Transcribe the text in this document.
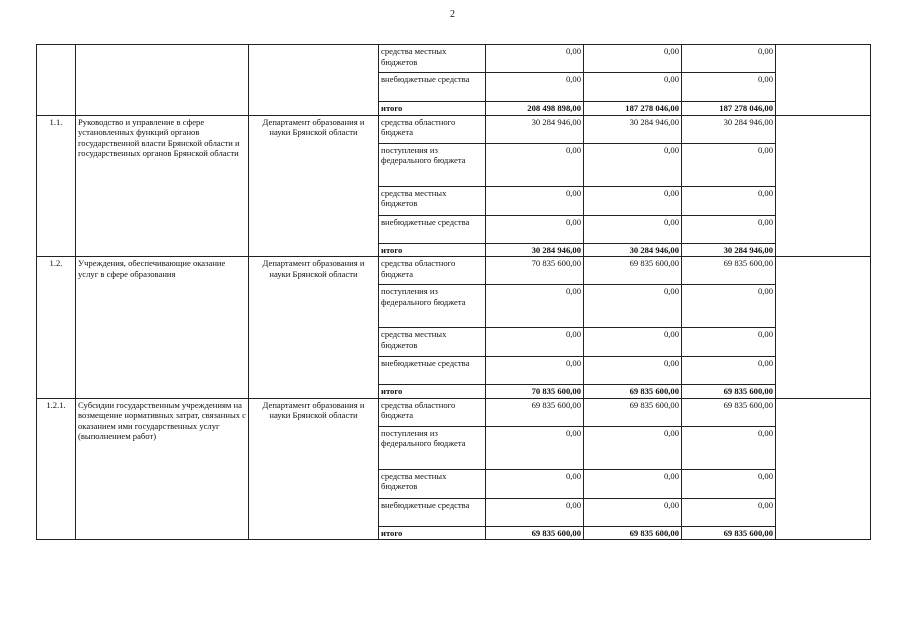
2
			средства местных бюджетов	0,00	0,00	0,00	
			внебюджетные средства	0,00	0,00	0,00	
			итого	208 498 898,00	187 278 046,00	187 278 046,00	
1.1.	Руководство и управление в сфере установленных функций органов государственной власти Брянской области и государственных органов Брянской области	Департамент образования и науки Брянской области	средства областного бюджета	30 284 946,00	30 284 946,00	30 284 946,00	
			поступления из федерального бюджета	0,00	0,00	0,00	
			средства местных бюджетов	0,00	0,00	0,00	
			внебюджетные средства	0,00	0,00	0,00	
			итого	30 284 946,00	30 284 946,00	30 284 946,00	
1.2.	Учреждения, обеспечивающие оказание услуг в сфере образования	Департамент образования и науки Брянской области	средства областного бюджета	70 835 600,00	69 835 600,00	69 835 600,00	
			поступления из федерального бюджета	0,00	0,00	0,00	
			средства местных бюджетов	0,00	0,00	0,00	
			внебюджетные средства	0,00	0,00	0,00	
			итого	70 835 600,00	69 835 600,00	69 835 600,00	
1.2.1.	Субсидии государственным учреждениям на возмещение нормативных затрат, связанных с оказанием ими государственных услуг (выполнением работ)	Департамент образования и науки Брянской области	средства областного бюджета	69 835 600,00	69 835 600,00	69 835 600,00	
			поступления из федерального бюджета	0,00	0,00	0,00	
			средства местных бюджетов	0,00	0,00	0,00	
			внебюджетные средства	0,00	0,00	0,00	
			итого	69 835 600,00	69 835 600,00	69 835 600,00	
